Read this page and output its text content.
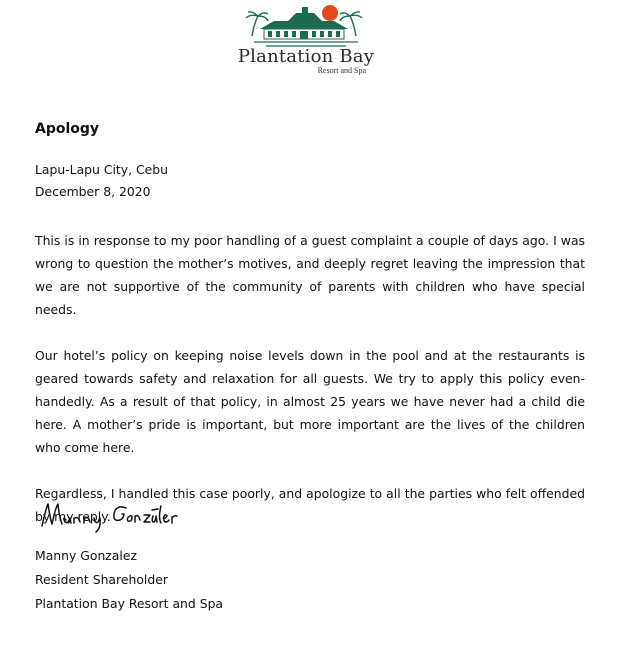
Plantation Bay
Resort and Spa
Apology
Lapu-Lapu City, Cebu
December 8, 2020

This is in response to my poor handling of a guest complaint a couple of days ago. I was wrong to question the mother’s motives, and deeply regret leaving the impression that we are not supportive of the community of parents with children who have special needs.

Our hotel’s policy on keeping noise levels down in the pool and at the restaurants is geared towards safety and relaxation for all guests. We try to apply this policy even-handedly. As a result of that policy, in almost 25 years we have never had a child die here. A mother’s pride is important, but more important are the lives of the children who come here.

Regardless, I handled this case poorly, and apologize to all the parties who felt offended by my reply.

Manny Gonzalez
Resident Shareholder
Plantation Bay Resort and Spa
